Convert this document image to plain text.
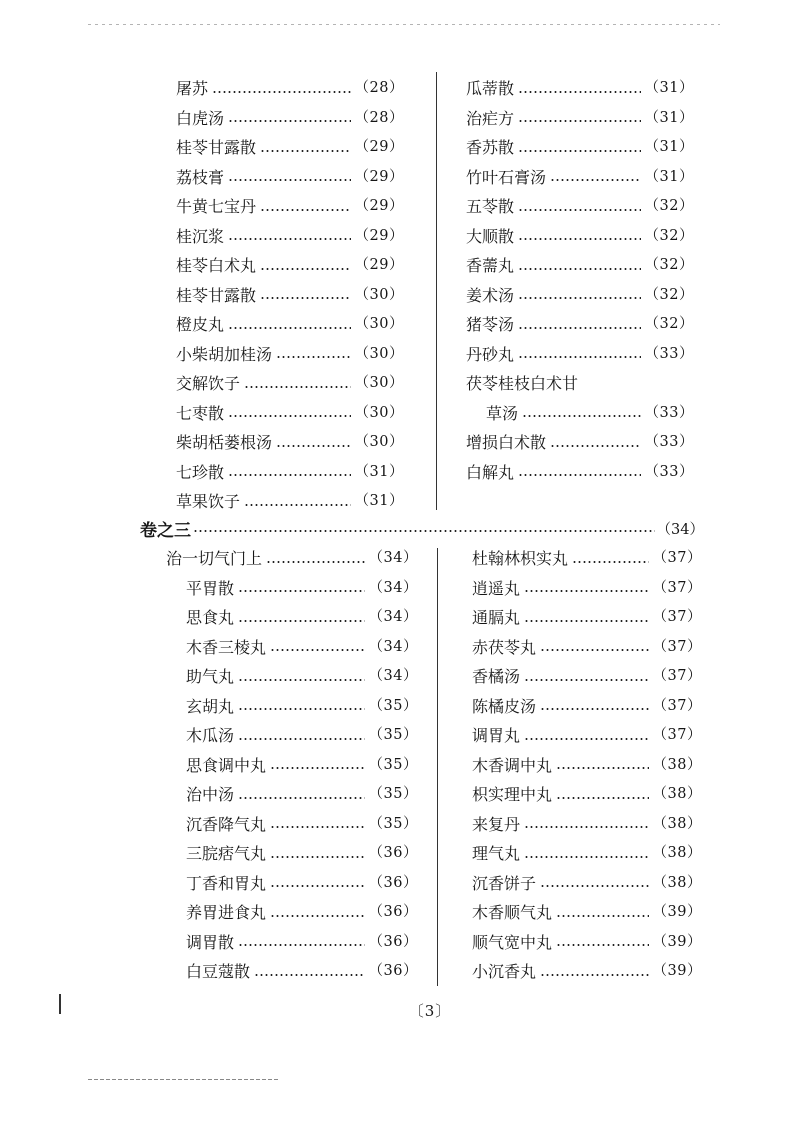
屠苏	（28）
白虎汤	（28）
桂苓甘露散	（29）
荔枝膏	（29）
牛黄七宝丹	（29）
桂沉浆	（29）
桂苓白术丸	（29）
桂苓甘露散	（30）
橙皮丸	（30）
小柴胡加桂汤	（30）
交解饮子	（30）
七枣散	（30）
柴胡栝蒌根汤	（30）
七珍散	（31）
草果饮子	（31）
瓜蒂散	（31）
治疟方	（31）
香苏散	（31）
竹叶石膏汤	（31）
五苓散	（32）
大顺散	（32）
香薷丸	（32）
姜术汤	（32）
猪苓汤	（32）
丹砂丸	（33）
茯苓桂枝白术甘
草汤	（33）
增损白术散	（33）
白解丸	（33）
卷之三	（34）
治一切气门上	（34）
平胃散	（34）
思食丸	（34）
木香三棱丸	（34）
助气丸	（34）
玄胡丸	（35）
木瓜汤	（35）
思食调中丸	（35）
治中汤	（35）
沉香降气丸	（35）
三脘痞气丸	（36）
丁香和胃丸	（36）
养胃进食丸	（36）
调胃散	（36）
白豆蔻散	（36）
杜翰林枳实丸	（37）
逍遥丸	（37）
通膈丸	（37）
赤茯苓丸	（37）
香橘汤	（37）
陈橘皮汤	（37）
调胃丸	（37）
木香调中丸	（38）
枳实理中丸	（38）
来复丹	（38）
理气丸	（38）
沉香饼子	（38）
木香顺气丸	（39）
顺气宽中丸	（39）
小沉香丸	（39）
〔3〕
